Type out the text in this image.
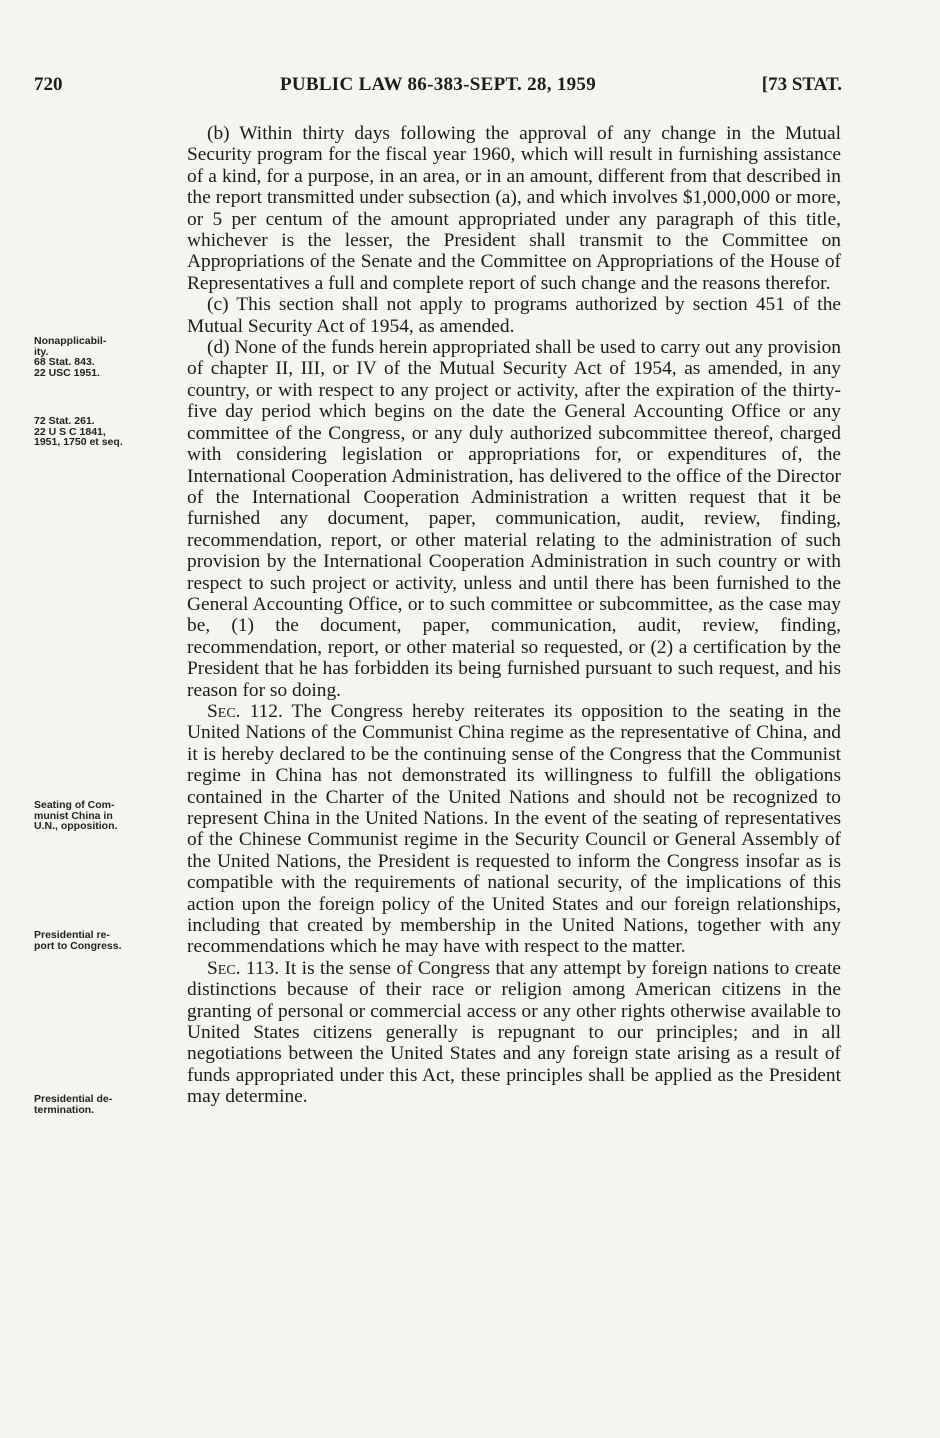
720	PUBLIC LAW 86-383-SEPT. 28, 1959	[73 STAT.
Nonapplicabil-
ity.
68 Stat. 843.
22 USC 1951.
72 Stat. 261.
22 U S C 1841,
1951, 1750 et seq.
Seating of Com-
munist China in
U.N., opposition.
Presidential re-
port to Congress.
Presidential de-
termination.

(b) Within thirty days following the approval of any change in the Mutual Security program for the fiscal year 1960, which will result in furnishing assistance of a kind, for a purpose, in an area, or in an amount, different from that described in the report transmitted under subsection (a), and which involves $1,000,000 or more, or 5 per centum of the amount appropriated under any paragraph of this title, whichever is the lesser, the President shall transmit to the Committee on Appropriations of the Senate and the Committee on Appropriations of the House of Representatives a full and complete report of such change and the reasons therefor.

(c) This section shall not apply to programs authorized by section 451 of the Mutual Security Act of 1954, as amended.

(d) None of the funds herein appropriated shall be used to carry out any provision of chapter II, III, or IV of the Mutual Security Act of 1954, as amended, in any country, or with respect to any project or activity, after the expiration of the thirty-five day period which begins on the date the General Accounting Office or any committee of the Congress, or any duly authorized subcommittee thereof, charged with considering legislation or appropriations for, or expenditures of, the International Cooperation Administration, has delivered to the office of the Director of the International Cooperation Administration a written request that it be furnished any document, paper, communication, audit, review, finding, recommendation, report, or other material relating to the administration of such provision by the International Cooperation Administration in such country or with respect to such project or activity, unless and until there has been furnished to the General Accounting Office, or to such committee or subcommittee, as the case may be, (1) the document, paper, communication, audit, review, finding, recommendation, report, or other material so requested, or (2) a certification by the President that he has forbidden its being furnished pursuant to such request, and his reason for so doing.

Sec. 112. The Congress hereby reiterates its opposition to the seating in the United Nations of the Communist China regime as the representative of China, and it is hereby declared to be the continuing sense of the Congress that the Communist regime in China has not demonstrated its willingness to fulfill the obligations contained in the Charter of the United Nations and should not be recognized to represent China in the United Nations. In the event of the seating of representatives of the Chinese Communist regime in the Security Council or General Assembly of the United Nations, the President is requested to inform the Congress insofar as is compatible with the requirements of national security, of the implications of this action upon the foreign policy of the United States and our foreign relationships, including that created by membership in the United Nations, together with any recommendations which he may have with respect to the matter.

Sec. 113. It is the sense of Congress that any attempt by foreign nations to create distinctions because of their race or religion among American citizens in the granting of personal or commercial access or any other rights otherwise available to United States citizens generally is repugnant to our principles; and in all negotiations between the United States and any foreign state arising as a result of funds appropriated under this Act, these principles shall be applied as the President may determine.
